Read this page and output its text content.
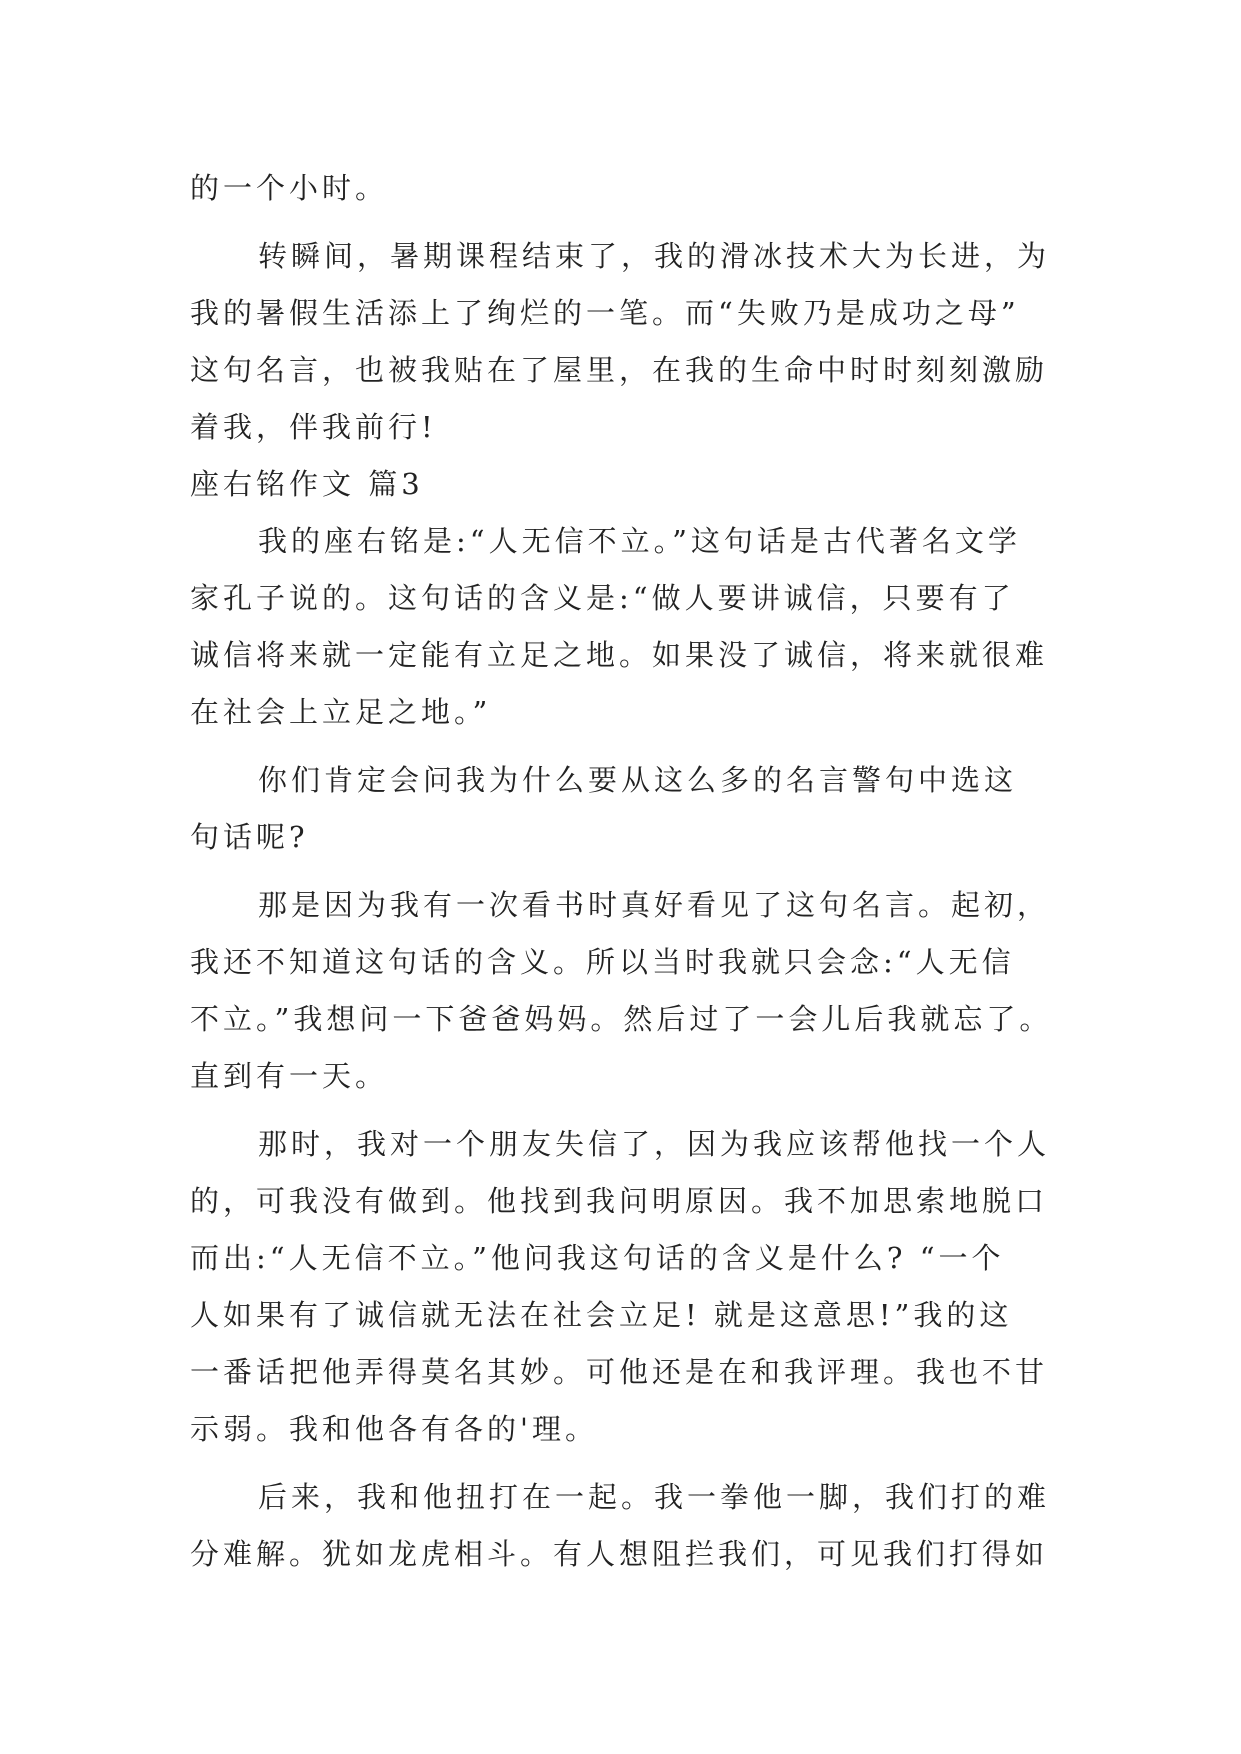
的一个小时。
转瞬间，暑期课程结束了，我的滑冰技术大为长进，为
我的暑假生活添上了绚烂的一笔。而“失败乃是成功之母”
这句名言，也被我贴在了屋里，在我的生命中时时刻刻激励
着我，伴我前行!
座右铭作文 篇3
我的座右铭是:“人无信不立。”这句话是古代著名文学
家孔子说的。这句话的含义是:“做人要讲诚信，只要有了
诚信将来就一定能有立足之地。如果没了诚信，将来就很难
在社会上立足之地。”
你们肯定会问我为什么要从这么多的名言警句中选这
句话呢?
那是因为我有一次看书时真好看见了这句名言。起初，
我还不知道这句话的含义。所以当时我就只会念:“人无信
不立。”我想问一下爸爸妈妈。然后过了一会儿后我就忘了。
直到有一天。
那时，我对一个朋友失信了，因为我应该帮他找一个人
的，可我没有做到。他找到我问明原因。我不加思索地脱口
而出:“人无信不立。”他问我这句话的含义是什么? “一个
人如果有了诚信就无法在社会立足! 就是这意思!”我的这
一番话把他弄得莫名其妙。可他还是在和我评理。我也不甘
示弱。我和他各有各的'理。
后来，我和他扭打在一起。我一拳他一脚，我们打的难
分难解。犹如龙虎相斗。有人想阻拦我们，可见我们打得如
